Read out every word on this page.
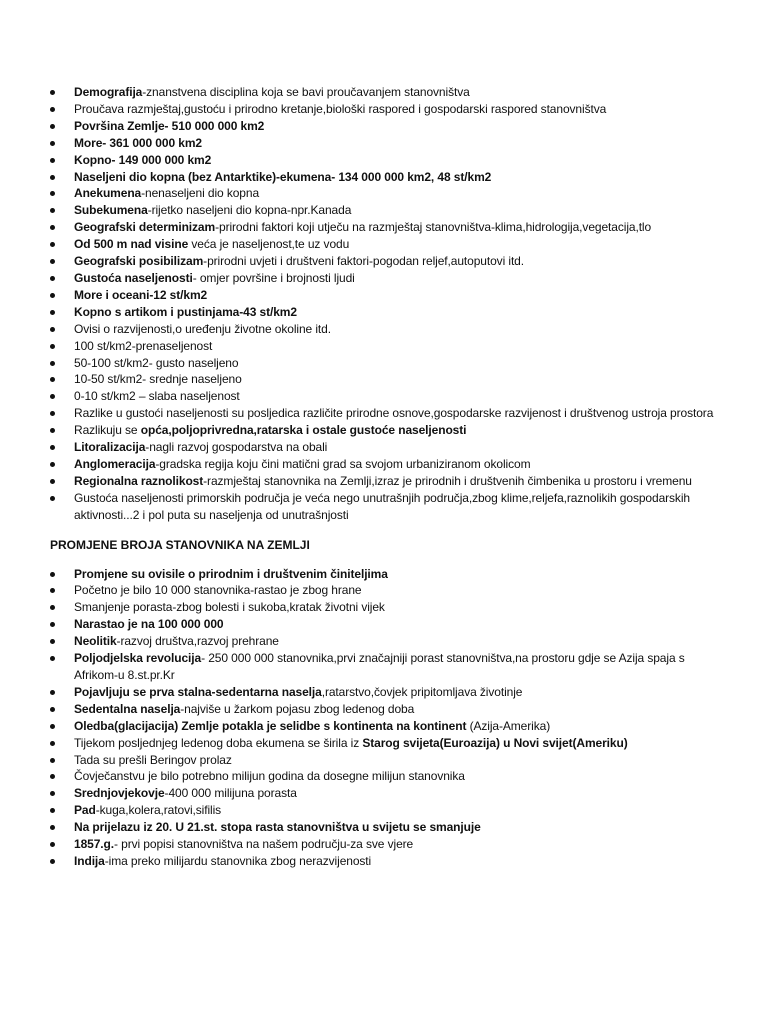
Demografija-znanstvena disciplina koja se bavi proučavanjem stanovništva
Proučava razmještaj,gustoću i prirodno kretanje,biološki raspored i gospodarski raspored stanovništva
Površina Zemlje- 510 000 000 km2
More- 361 000 000 km2
Kopno- 149 000 000 km2
Naseljeni dio kopna (bez Antarktike)-ekumena- 134 000 000 km2, 48 st/km2
Anekumena-nenaseljeni dio kopna
Subekumena-rijetko naseljeni dio kopna-npr.Kanada
Geografski determinizam-prirodni faktori koji utječu na razmještaj stanovništva-klima,hidrologija,vegetacija,tlo
Od 500 m nad visine veća je naseljenost,te uz vodu
Geografski posibilizam-prirodni uvjeti i društveni faktori-pogodan reljef,autoputovi itd.
Gustoća naseljenosti- omjer površine i brojnosti ljudi
More i oceani-12 st/km2
Kopno s artikom i pustinjama-43 st/km2
Ovisi o razvijenosti,o uređenju životne okoline itd.
100 st/km2-prenaseljenost
50-100 st/km2- gusto naseljeno
10-50 st/km2- srednje naseljeno
0-10 st/km2 – slaba naseljenost
Razlike u gustoći naseljenosti su posljedica različite prirodne osnove,gospodarske razvijenost i društvenog ustroja prostora
Razlikuju se opća,poljoprivredna,ratarska i ostale gustoće naseljenosti
Litoralizacija-nagli razvoj gospodarstva na obali
Anglomeracija-gradska regija koju čini matični grad sa svojom urbaniziranom okolicom
Regionalna raznolikost-razmještaj stanovnika na Zemlji,izraz je prirodnih i društvenih čimbenika u prostoru i vremenu
Gustoća naseljenosti primorskih područja je veća nego unutrašnjih područja,zbog klime,reljefa,raznolikih gospodarskih aktivnosti...2 i pol puta su naselјenja od unutrašnjosti
PROMJENE BROJA STANOVNIKA NA ZEMLJI
Promjene su ovisile o prirodnim i društvenim činiteljima
Početno je bilo 10 000 stanovnika-rastao je zbog hrane
Smanjenje porasta-zbog bolesti i sukoba,kratak životni vijek
Narastao je na 100 000 000
Neolitik-razvoj društva,razvoj prehrane
Poljodjelska revolucija- 250 000 000 stanovnika,prvi značajniji porast stanovništva,na prostoru gdje se Azija spaja s Afrikom-u 8.st.pr.Kr
Pojavljuju se prva stalna-sedentarna naselja,ratarstvo,čovjek pripitomljava životinje
Sedentalna naselja-najviše u žarkom pojasu zbog ledenog doba
Oledba(glacijacija) Zemlje potakla je selidbe s kontinenta na kontinent (Azija-Amerika)
Tijekom posljednjeg ledenog doba ekumena se širila iz Starog svijeta(Euroazija) u Novi svijet(Ameriku)
Tada su prešli Beringov prolaz
Čovječanstvu je bilo potrebno milijun godina da dosegne milijun stanovnika
Srednjovjekovje-400 000 milijuna porasta
Pad-kuga,kolera,ratovi,sifilis
Na prijelazu iz 20. U 21.st. stopa rasta stanovništva u svijetu se smanjuje
1857.g.- prvi popisi stanovništva na našem području-za sve vjere
Indija-ima preko milijardu stanovnika zbog nerazvijenosti
